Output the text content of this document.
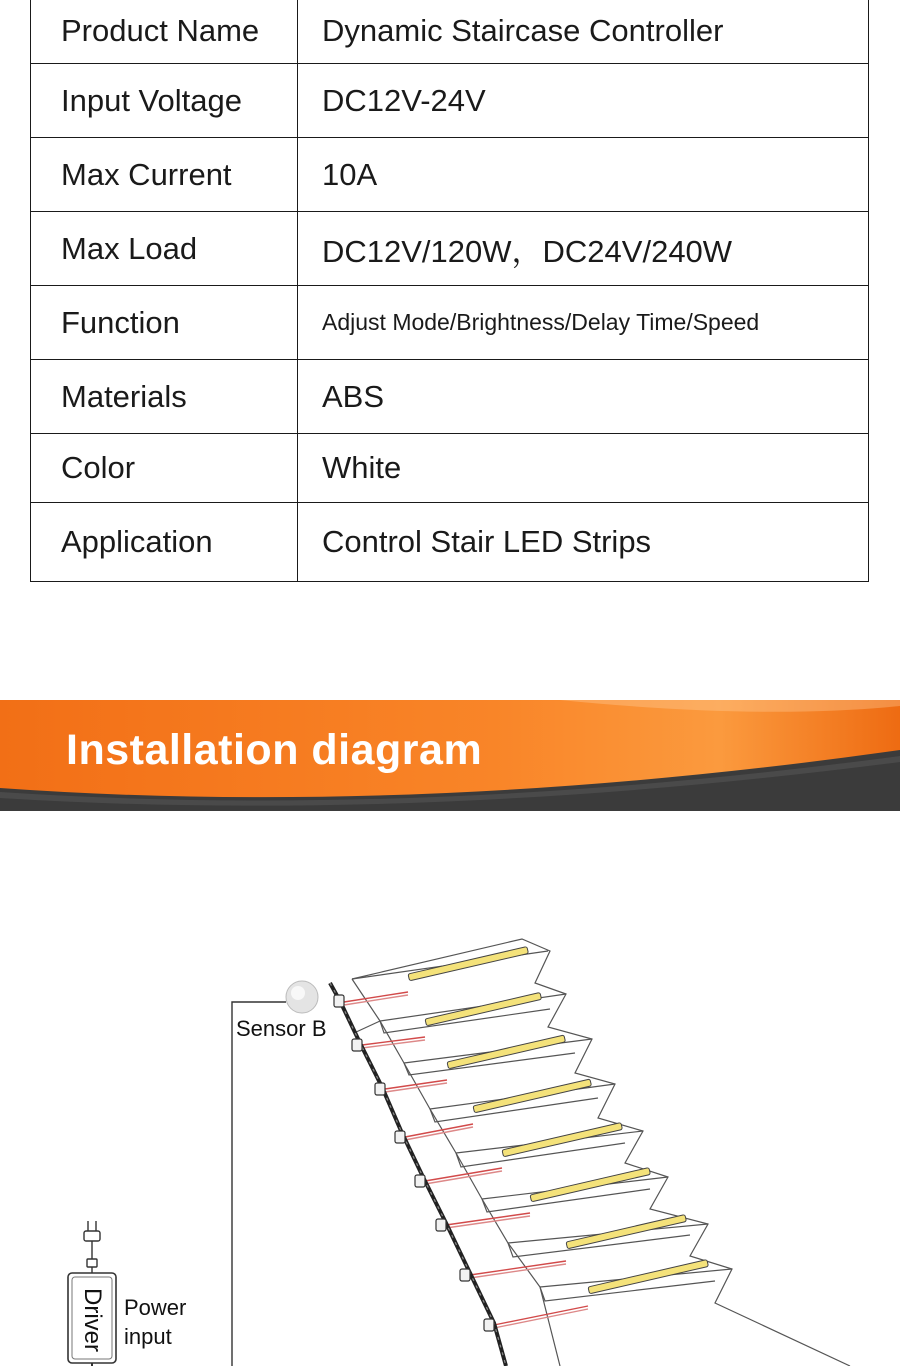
Product Name	Dynamic Staircase Controller
Input Voltage	DC12V-24V
Max Current	10A
Max Load	DC12V/120W，DC24V/240W
Function	Adjust Mode/Brightness/Delay Time/Speed
Materials	ABS
Color	White
Application	Control Stair LED Strips
Installation diagram
Sensor B
Power
input
Driver
